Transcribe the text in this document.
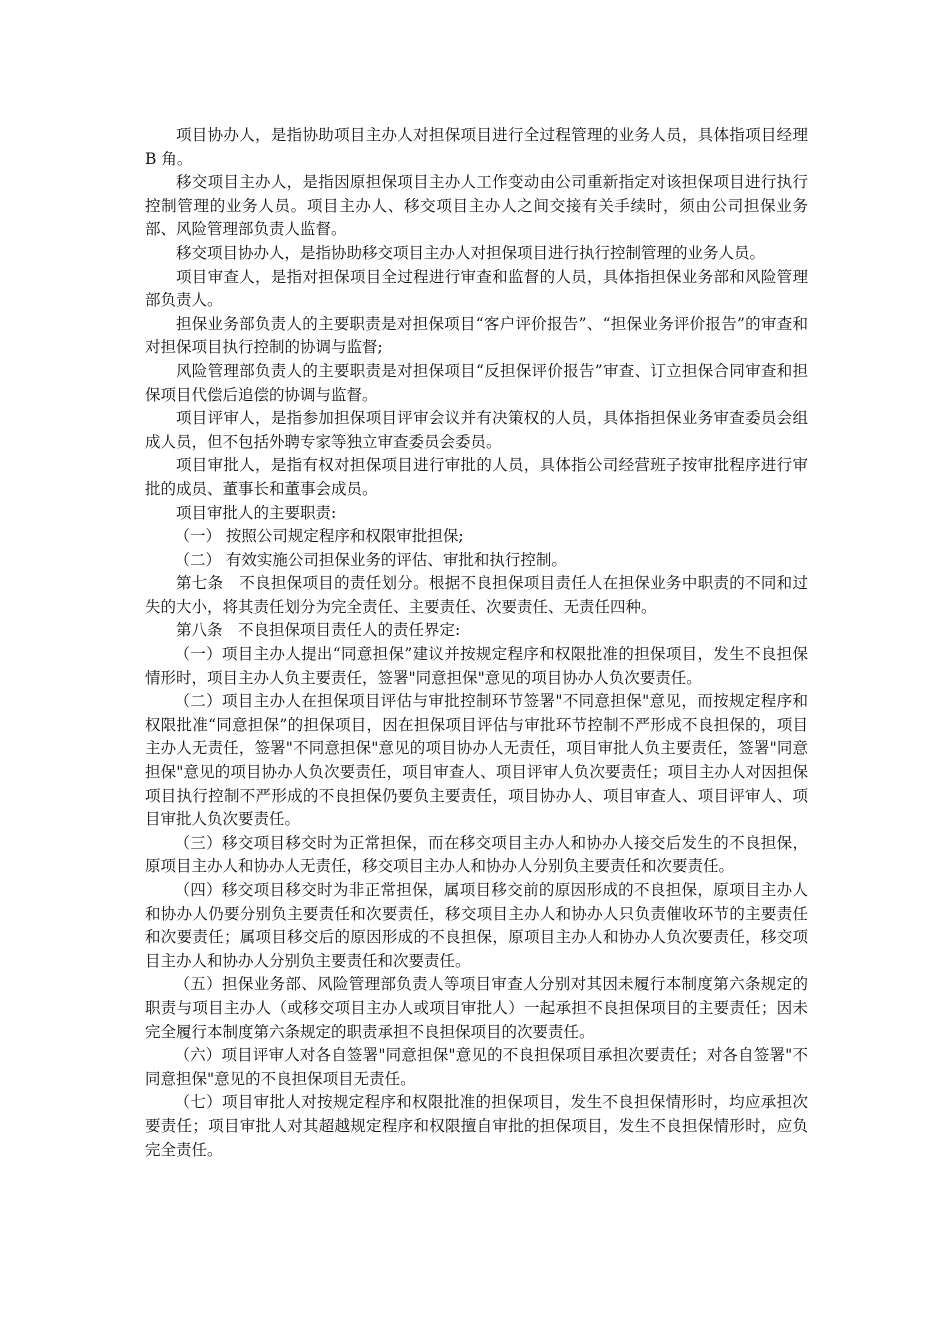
项目协办人，是指协助项目主办人对担保项目进行全过程管理的业务人员，具体指项目经理 B 角。

移交项目主办人，是指因原担保项目主办人工作变动由公司重新指定对该担保项目进行执行控制管理的业务人员。项目主办人、移交项目主办人之间交接有关手续时，须由公司担保业务部、风险管理部负责人监督。

移交项目协办人，是指协助移交项目主办人对担保项目进行执行控制管理的业务人员。

项目审查人，是指对担保项目全过程进行审查和监督的人员，具体指担保业务部和风险管理部负责人。

担保业务部负责人的主要职责是对担保项目“客户评价报告”、“担保业务评价报告”的审查和对担保项目执行控制的协调与监督;

风险管理部负责人的主要职责是对担保项目“反担保评价报告”审查、订立担保合同审查和担保项目代偿后追偿的协调与监督。

项目评审人，是指参加担保项目评审会议并有决策权的人员，具体指担保业务审查委员会组成人员，但不包括外聘专家等独立审查委员会委员。

项目审批人，是指有权对担保项目进行审批的人员，具体指公司经营班子按审批程序进行审批的成员、董事长和董事会成员。

项目审批人的主要职责:

（一） 按照公司规定程序和权限审批担保;

（二） 有效实施公司担保业务的评估、审批和执行控制。

第七条　不良担保项目的责任划分。根据不良担保项目责任人在担保业务中职责的不同和过失的大小，将其责任划分为完全责任、主要责任、次要责任、无责任四种。

第八条　不良担保项目责任人的责任界定:

（一）项目主办人提出“同意担保”建议并按规定程序和权限批准的担保项目，发生不良担保情形时，项目主办人负主要责任，签署"同意担保"意见的项目协办人负次要责任。

（二）项目主办人在担保项目评估与审批控制环节签署"不同意担保"意见，而按规定程序和权限批准“同意担保”的担保项目，因在担保项目评估与审批环节控制不严形成不良担保的，项目主办人无责任，签署"不同意担保"意见的项目协办人无责任，项目审批人负主要责任，签署"同意担保"意见的项目协办人负次要责任，项目审查人、项目评审人负次要责任；项目主办人对因担保项目执行控制不严形成的不良担保仍要负主要责任，项目协办人、项目审查人、项目评审人、项目审批人负次要责任。

（三）移交项目移交时为正常担保，而在移交项目主办人和协办人接交后发生的不良担保，原项目主办人和协办人无责任，移交项目主办人和协办人分别负主要责任和次要责任。

（四）移交项目移交时为非正常担保，属项目移交前的原因形成的不良担保，原项目主办人和协办人仍要分别负主要责任和次要责任，移交项目主办人和协办人只负责催收环节的主要责任和次要责任；属项目移交后的原因形成的不良担保，原项目主办人和协办人负次要责任，移交项目主办人和协办人分别负主要责任和次要责任。

（五）担保业务部、风险管理部负责人等项目审查人分别对其因未履行本制度第六条规定的职责与项目主办人（或移交项目主办人或项目审批人）一起承担不良担保项目的主要责任；因未完全履行本制度第六条规定的职责承担不良担保项目的次要责任。

（六）项目评审人对各自签署"同意担保"意见的不良担保项目承担次要责任；对各自签署"不同意担保"意见的不良担保项目无责任。

（七）项目审批人对按规定程序和权限批准的担保项目，发生不良担保情形时，均应承担次要责任；项目审批人对其超越规定程序和权限擅自审批的担保项目，发生不良担保情形时，应负完全责任。
